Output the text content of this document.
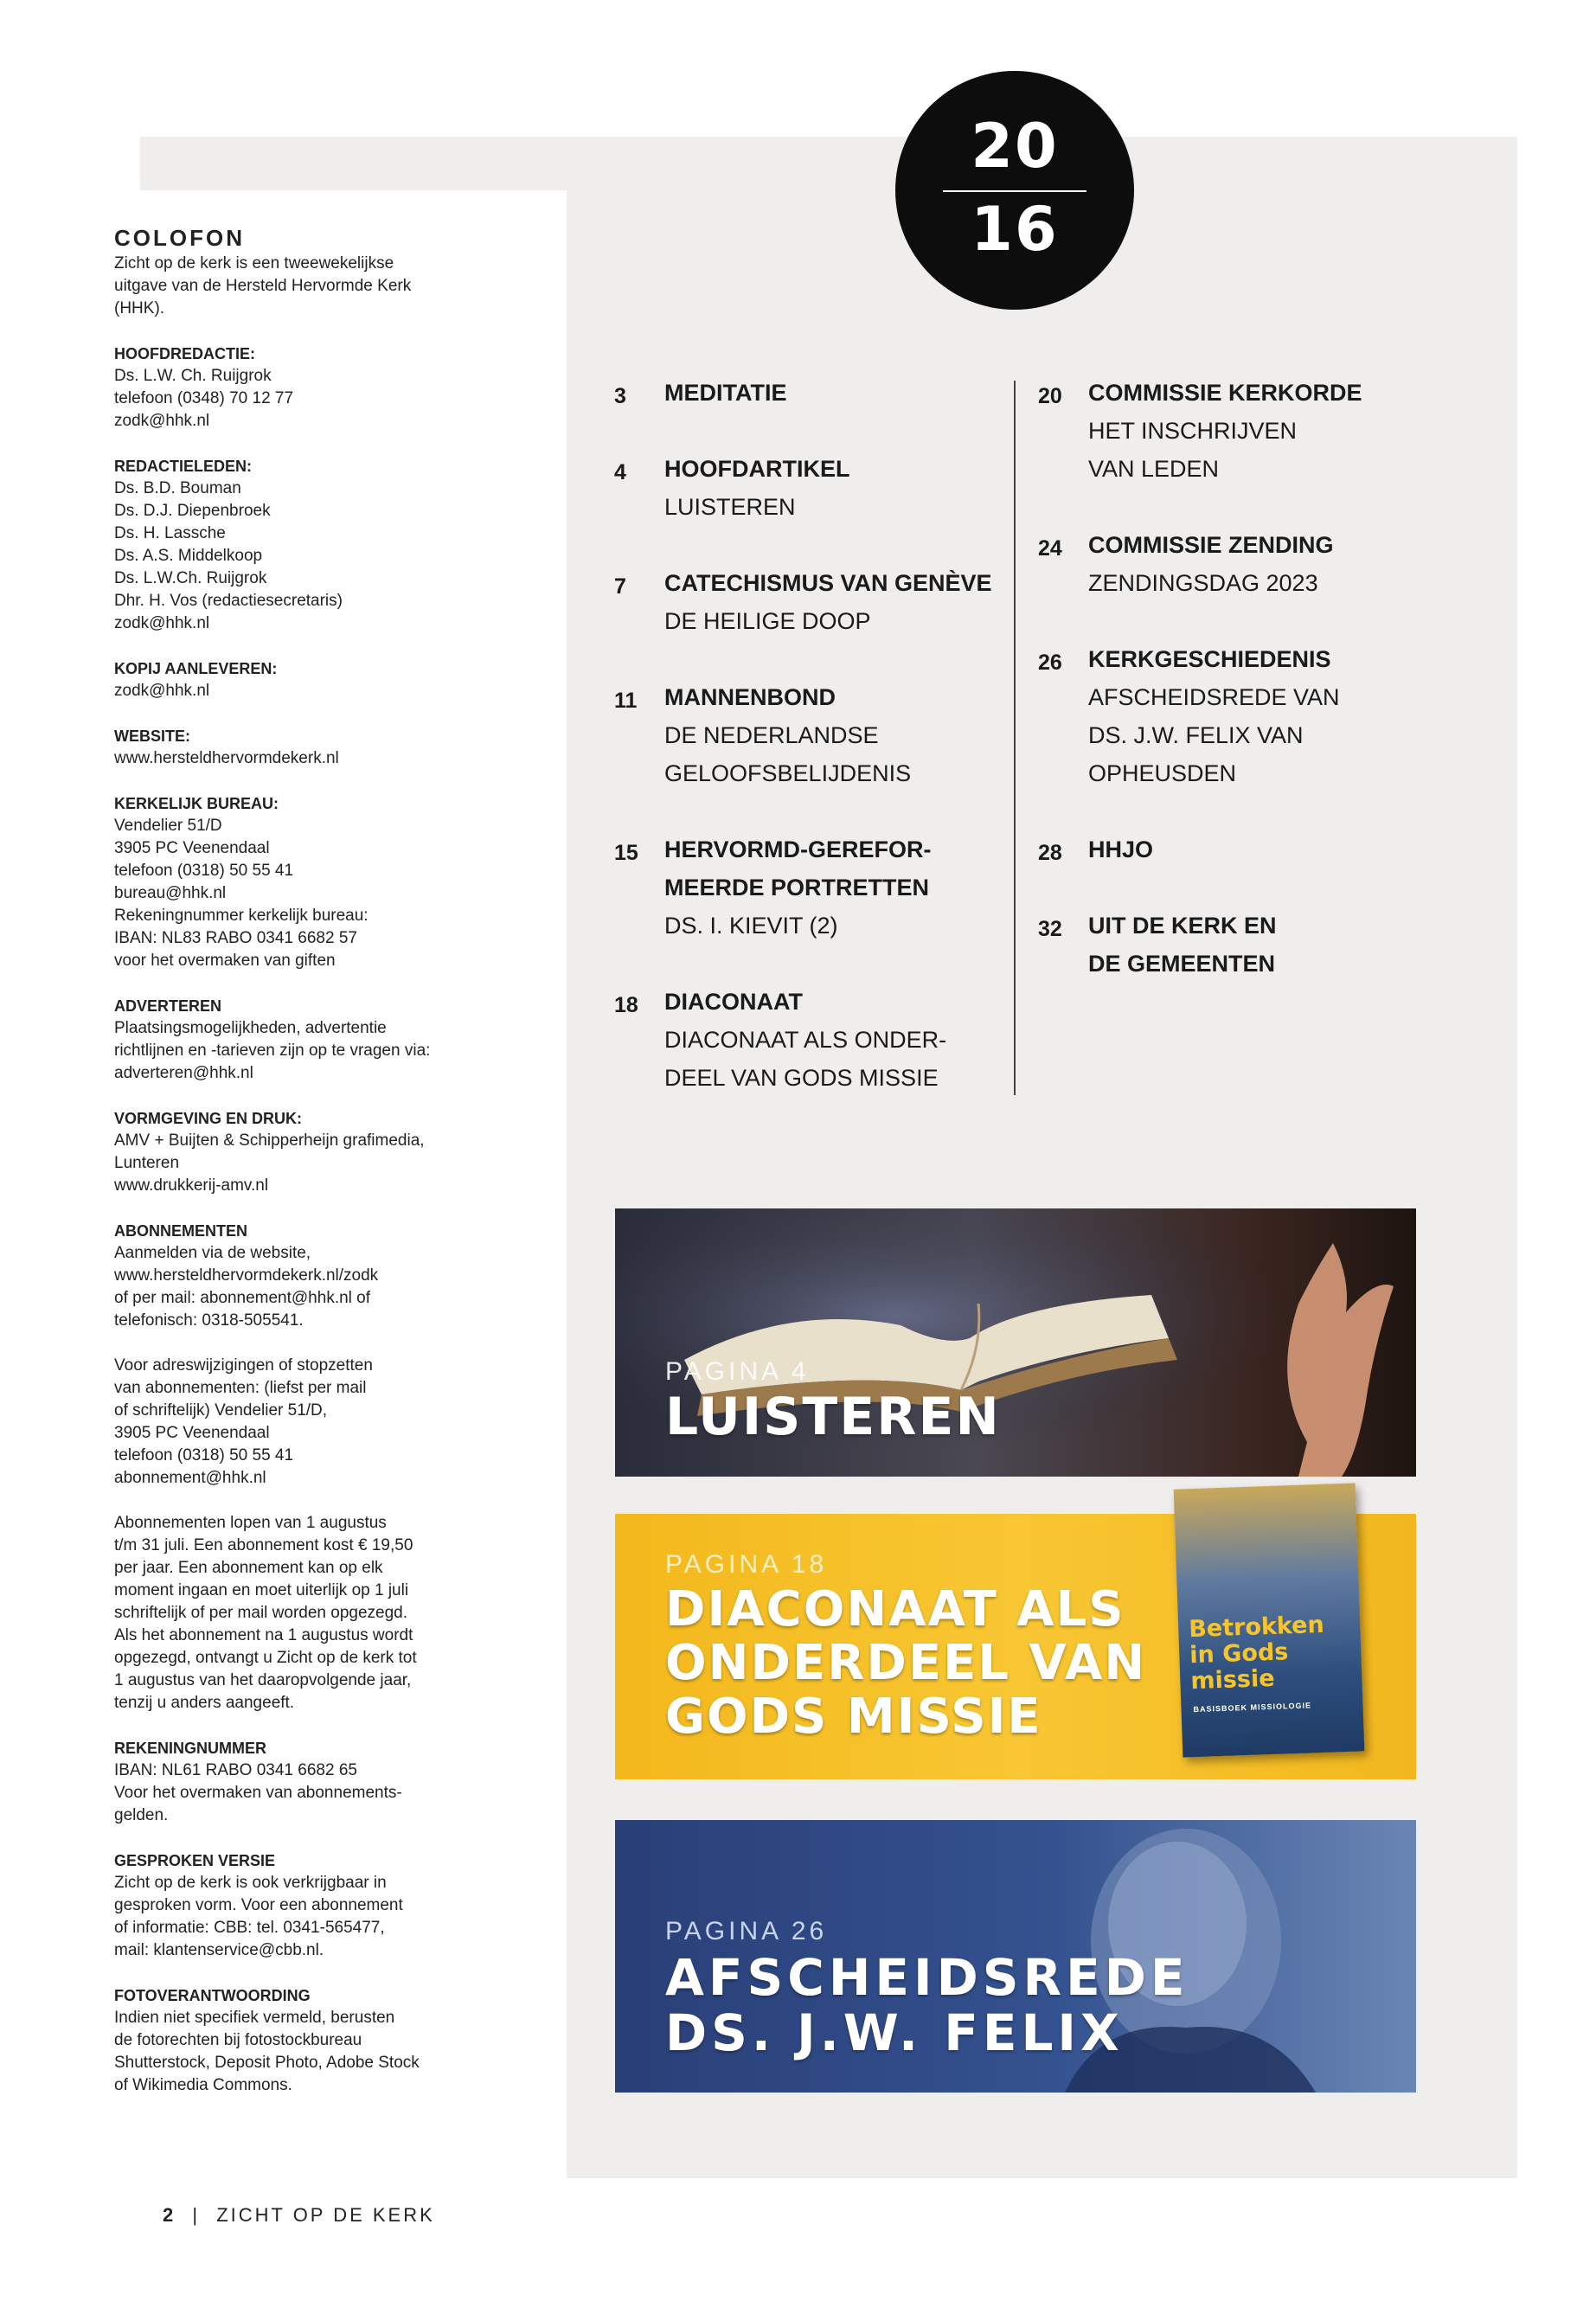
20
16
COLOFON
Zicht op de kerk is een tweewekelijkse
uitgave van de Hersteld Hervormde Kerk
(HHK).
HOOFDREDACTIE:
Ds. L.W. Ch. Ruijgrok
telefoon (0348) 70 12 77
zodk@hhk.nl
REDACTIELEDEN:
Ds. B.D. Bouman
Ds. D.J. Diepenbroek
Ds. H. Lassche
Ds. A.S. Middelkoop
Ds. L.W.Ch. Ruijgrok
Dhr. H. Vos (redactiesecretaris)
zodk@hhk.nl
KOPIJ AANLEVEREN:
zodk@hhk.nl
WEBSITE:
www.hersteldhervormdekerk.nl
KERKELIJK BUREAU:
Vendelier 51/D
3905 PC Veenendaal
telefoon (0318) 50 55 41
bureau@hhk.nl
Rekeningnummer kerkelijk bureau:
IBAN: NL83 RABO 0341 6682 57
voor het overmaken van giften
ADVERTEREN
Plaatsingsmogelijkheden, advertentie
richtlijnen en -tarieven zijn op te vragen via:
adverteren@hhk.nl
VORMGEVING EN DRUK:
AMV + Buijten & Schipperheijn grafimedia,
Lunteren
www.drukkerij-amv.nl
ABONNEMENTEN
Aanmelden via de website,
www.hersteldhervormdekerk.nl/zodk
of per mail: abonnement@hhk.nl of
telefonisch: 0318-505541.
Voor adreswijzigingen of stopzetten
van abonnementen: (liefst per mail
of schriftelijk) Vendelier 51/D,
3905 PC Veenendaal
telefoon (0318) 50 55 41
abonnement@hhk.nl
Abonnementen lopen van 1 augustus
t/m 31 juli. Een abonnement kost € 19,50
per jaar. Een abonnement kan op elk
moment ingaan en moet uiterlijk op 1 juli
schriftelijk of per mail worden opgezegd.
Als het abonnement na 1 augustus wordt
opgezegd, ontvangt u Zicht op de kerk tot
1 augustus van het daaropvolgende jaar,
tenzij u anders aangeeft.
REKENINGNUMMER
IBAN: NL61 RABO 0341 6682 65
Voor het overmaken van abonnements-
gelden.
GESPROKEN VERSIE
Zicht op de kerk is ook verkrijgbaar in
gesproken vorm. Voor een abonnement
of informatie: CBB: tel. 0341-565477,
mail: klantenservice@cbb.nl.
FOTOVERANTWOORDING
Indien niet specifiek vermeld, berusten
de fotorechten bij fotostockbureau
Shutterstock, Deposit Photo, Adobe Stock
of Wikimedia Commons.
3 MEDITATIE
4 HOOFDARTIKEL
LUISTEREN
7 CATECHISMUS VAN GENÈVE
DE HEILIGE DOOP
11 MANNENBOND
DE NEDERLANDSE
GELOOFSBELIJDENIS
15 HERVORMD-GEREFOR-
MEERDE PORTRETTEN
DS. I. KIEVIT (2)
18 DIACONAAT
DIACONAAT ALS ONDER-
DEEL VAN GODS MISSIE
20 COMMISSIE KERKORDE
HET INSCHRIJVEN
VAN LEDEN
24 COMMISSIE ZENDING
ZENDINGSDAG 2023
26 KERKGESCHIEDENIS
AFSCHEIDSREDE VAN
DS. J.W. FELIX VAN
OPHEUSDEN
28 HHJO
32 UIT DE KERK EN
DE GEMEENTEN
PAGINA 4
LUISTEREN
PAGINA 18
DIACONAAT ALS
ONDERDEEL VAN
GODS MISSIE
Betrokken
in Gods
missie
BASISBOEK MISSIOLOGIE
PAGINA 26
AFSCHEIDSREDE
DS. J.W. FELIX
2 | ZICHT OP DE KERK
